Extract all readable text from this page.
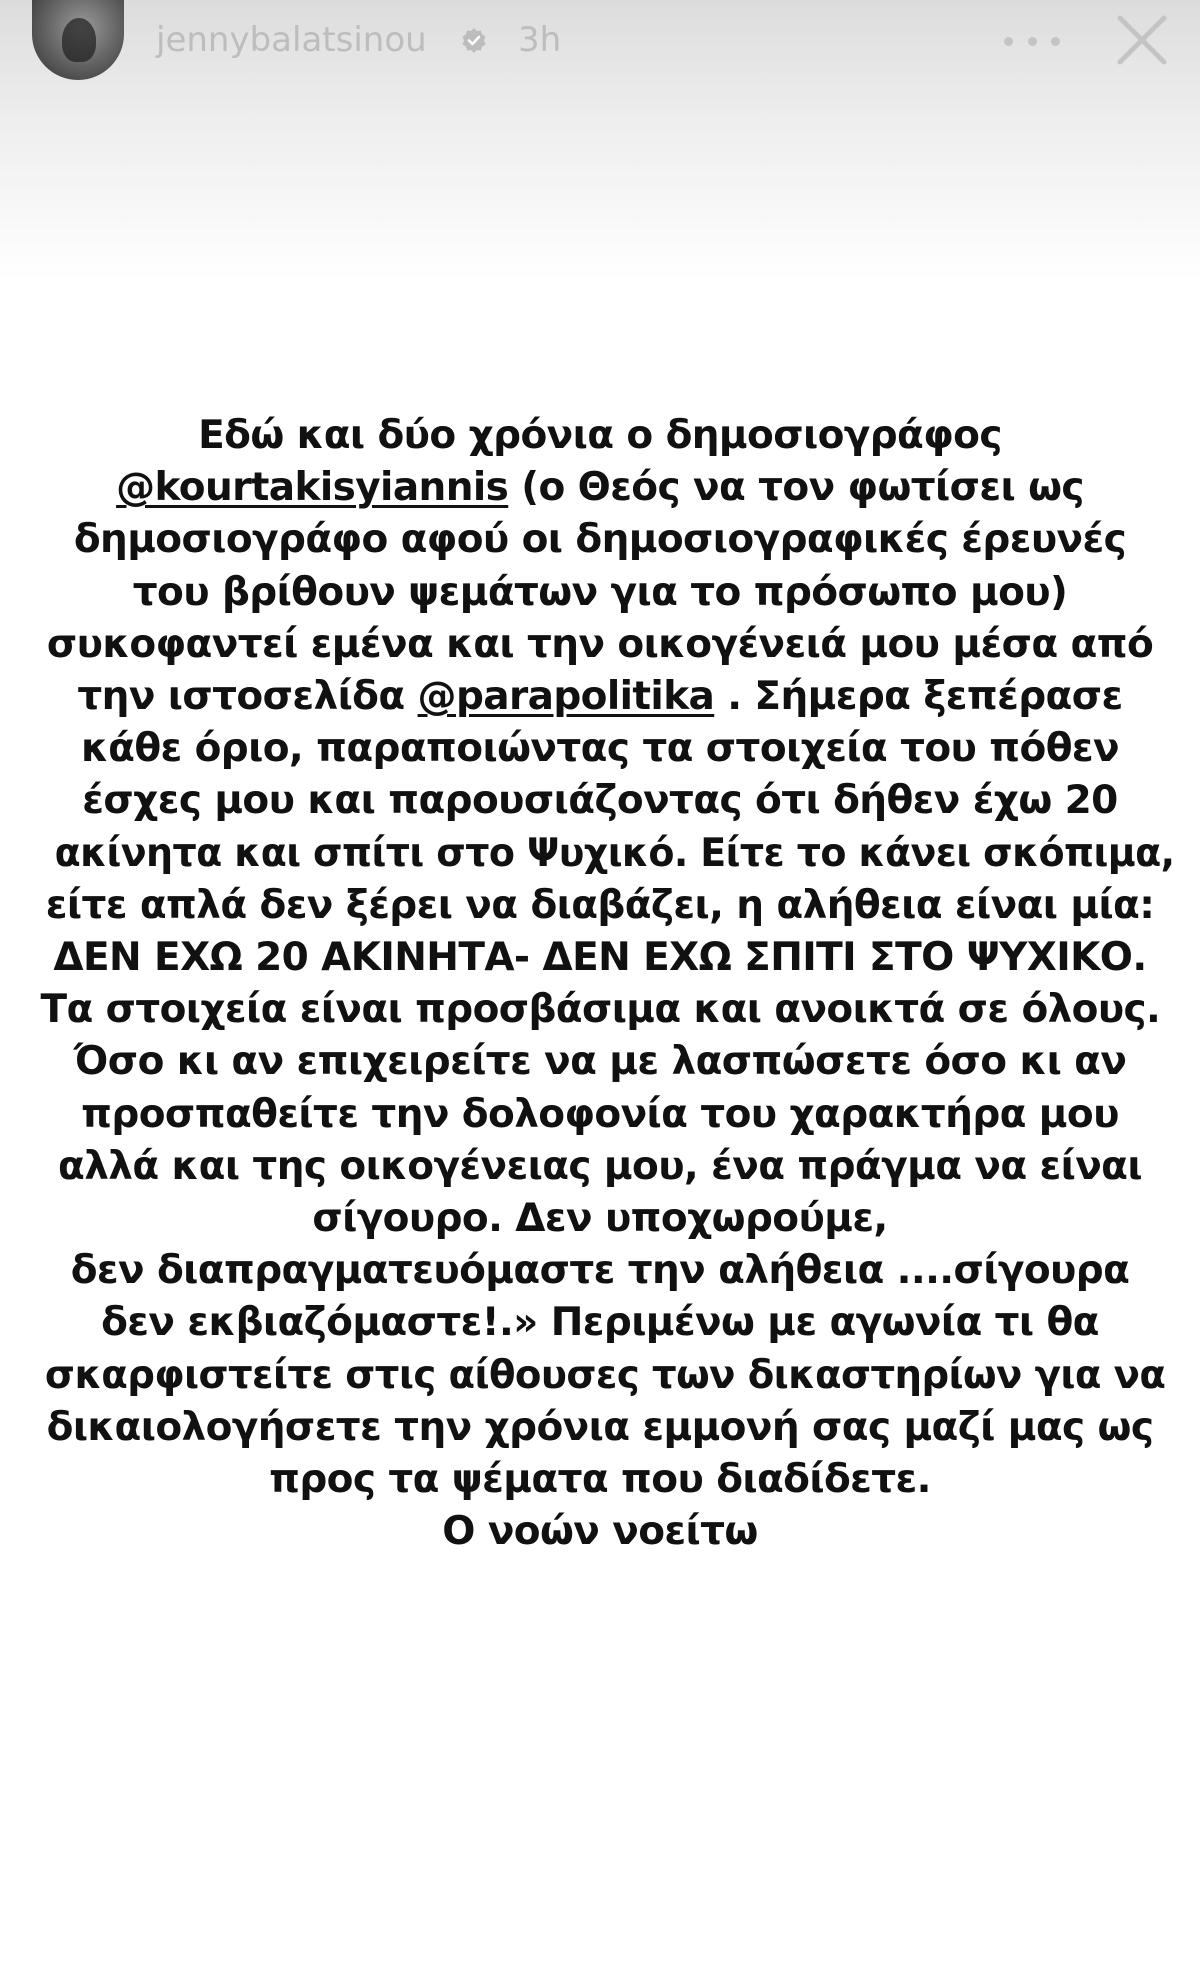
jennybalatsinou	3h
Εδώ και δύο χρόνια ο δημοσιογράφος
@kourtakisyiannis (ο Θεός να τον φωτίσει ως
δημοσιογράφο αφού οι δημοσιογραφικές έρευνές
του βρίθουν ψεμάτων για το πρόσωπο μου)
συκοφαντεί εμένα και την οικογένειά μου μέσα από
την ιστοσελίδα @parapolitika . Σήμερα ξεπέρασε
κάθε όριο, παραποιώντας τα στοιχεία του πόθεν
έσχες μου και παρουσιάζοντας ότι δήθεν έχω 20
ακίνητα και σπίτι στο Ψυχικό. Είτε το κάνει σκόπιμα,
είτε απλά δεν ξέρει να διαβάζει, η αλήθεια είναι μία:
ΔΕΝ ΕΧΩ 20 ΑΚΙΝΗΤΑ- ΔΕΝ ΕΧΩ ΣΠΙΤΙ ΣΤΟ ΨΥΧΙΚΟ.
Τα στοιχεία είναι προσβάσιμα και ανοικτά σε όλους.
Όσο κι αν επιχειρείτε να με λασπώσετε όσο κι αν
προσπαθείτε την δολοφονία του χαρακτήρα μου
αλλά και της οικογένειας μου, ένα πράγμα να είναι
σίγουρο. Δεν υποχωρούμε,
δεν διαπραγματευόμαστε την αλήθεια ....σίγουρα
δεν εκβιαζόμαστε!.» Περιμένω με αγωνία τι θα
σκαρφιστείτε στις αίθουσες των δικαστηρίων για να
δικαιολογήσετε την χρόνια εμμονή σας μαζί μας ως
προς τα ψέματα που διαδίδετε.
Ο νοών νοείτω
